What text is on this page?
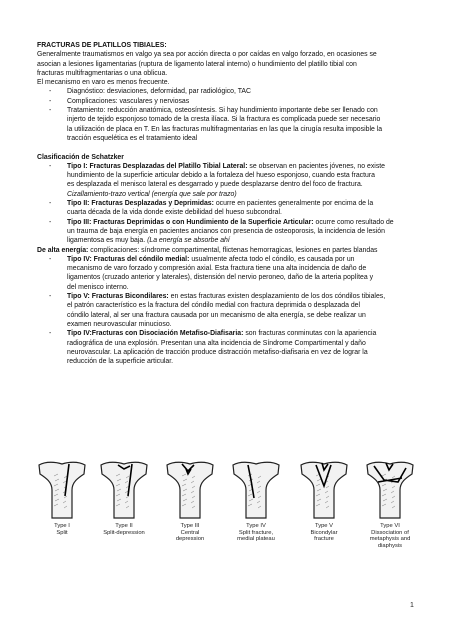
FRACTURAS DE PLATILLOS TIBIALES:

Generalmente traumatismos en valgo ya sea por acción directa o por caídas en valgo forzado, en ocasiones se

asocian a lesiones ligamentarias (ruptura de ligamento lateral interno) o hundimiento del platillo tibial con

fracturas multifragmentarias o una oblicua.

El mecanismo en varo es menos frecuente.

- Diagnóstico: desviaciones, deformidad, par radiológico, TAC
- Complicaciones: vasculares y nerviosas
- Tratamiento: reducción anatómica, osteosíntesis. Si hay hundimiento importante debe ser llenado con
injerto de tejido esponjoso tomado de la cresta ilíaca. Si la fractura es complicada puede ser necesario
la utilización de placa en T. En las fracturas multifragmentarias en las que la cirugía resulta imposible la
tracción esquelética es el tratamiento ideal

Clasificación de Schatzker

- Tipo I: Fracturas Desplazadas del Platillo Tibial Lateral: se observan en pacientes jóvenes, no existe
hundimiento de la superficie articular debido a la fortaleza del hueso esponjoso, cuando esta fractura
es desplazada el menisco lateral es desgarrado y puede desplazarse dentro del foco de fractura.
Cizallamiento-trazo vertical (energía que sale por trazo)
- Tipo II: Fracturas Desplazadas y Deprimidas: ocurre en pacientes generalmente por encima de la
cuarta década de la vida donde existe debilidad del hueso subcondral.
- Tipo III: Fracturas Deprimidas o con Hundimiento de la Superficie Articular: ocurre como resultado de
un trauma de baja energía en pacientes ancianos con presencia de osteoporosis, la incidencia de lesión
ligamentosa es muy baja. (La energía se absorbe ahí

De alta energía: complicaciones: síndrome compartimental, flictenas hemorragicas, lesiones en partes blandas

- Tipo IV: Fracturas del cóndilo medial: usualmente afecta todo el cóndilo, es causada por un
mecanismo de varo forzado y compresión axial. Esta fractura tiene una alta incidencia de daño de
ligamentos (cruzado anterior y laterales), distensión del nervio peroneo, daño de la arteria poplítea y
del menisco interno.
- Tipo V: Fracturas Bicondilares: en estas fracturas existen desplazamiento de los dos cóndilos tibiales,
el patrón característico es la fractura del cóndilo medial con fractura deprimida o desplazada del
cóndilo lateral, al ser una fractura causada por un mecanismo de alta energía, se debe realizar un
examen neurovascular minucioso.
- Tipo IV:Fracturas con Disociación Metafiso-Diafisaria: son fracturas conminutas con la apariencia
radiográfica de una explosión. Presentan una alta incidencia de Síndrome Compartimental y daño
neurovascular. La aplicación de tracción produce distracción metafiso-diafisaria en vez de lograr la
reducción de la superficie articular.
Type I
Split
Type II
Split-depression
Type III
Central
depression
Type IV
Split fracture,
medial plateau
Type V
Bicondylar
fracture
Type VI
Dissociation of
metaphysis and
diaphysis
1
